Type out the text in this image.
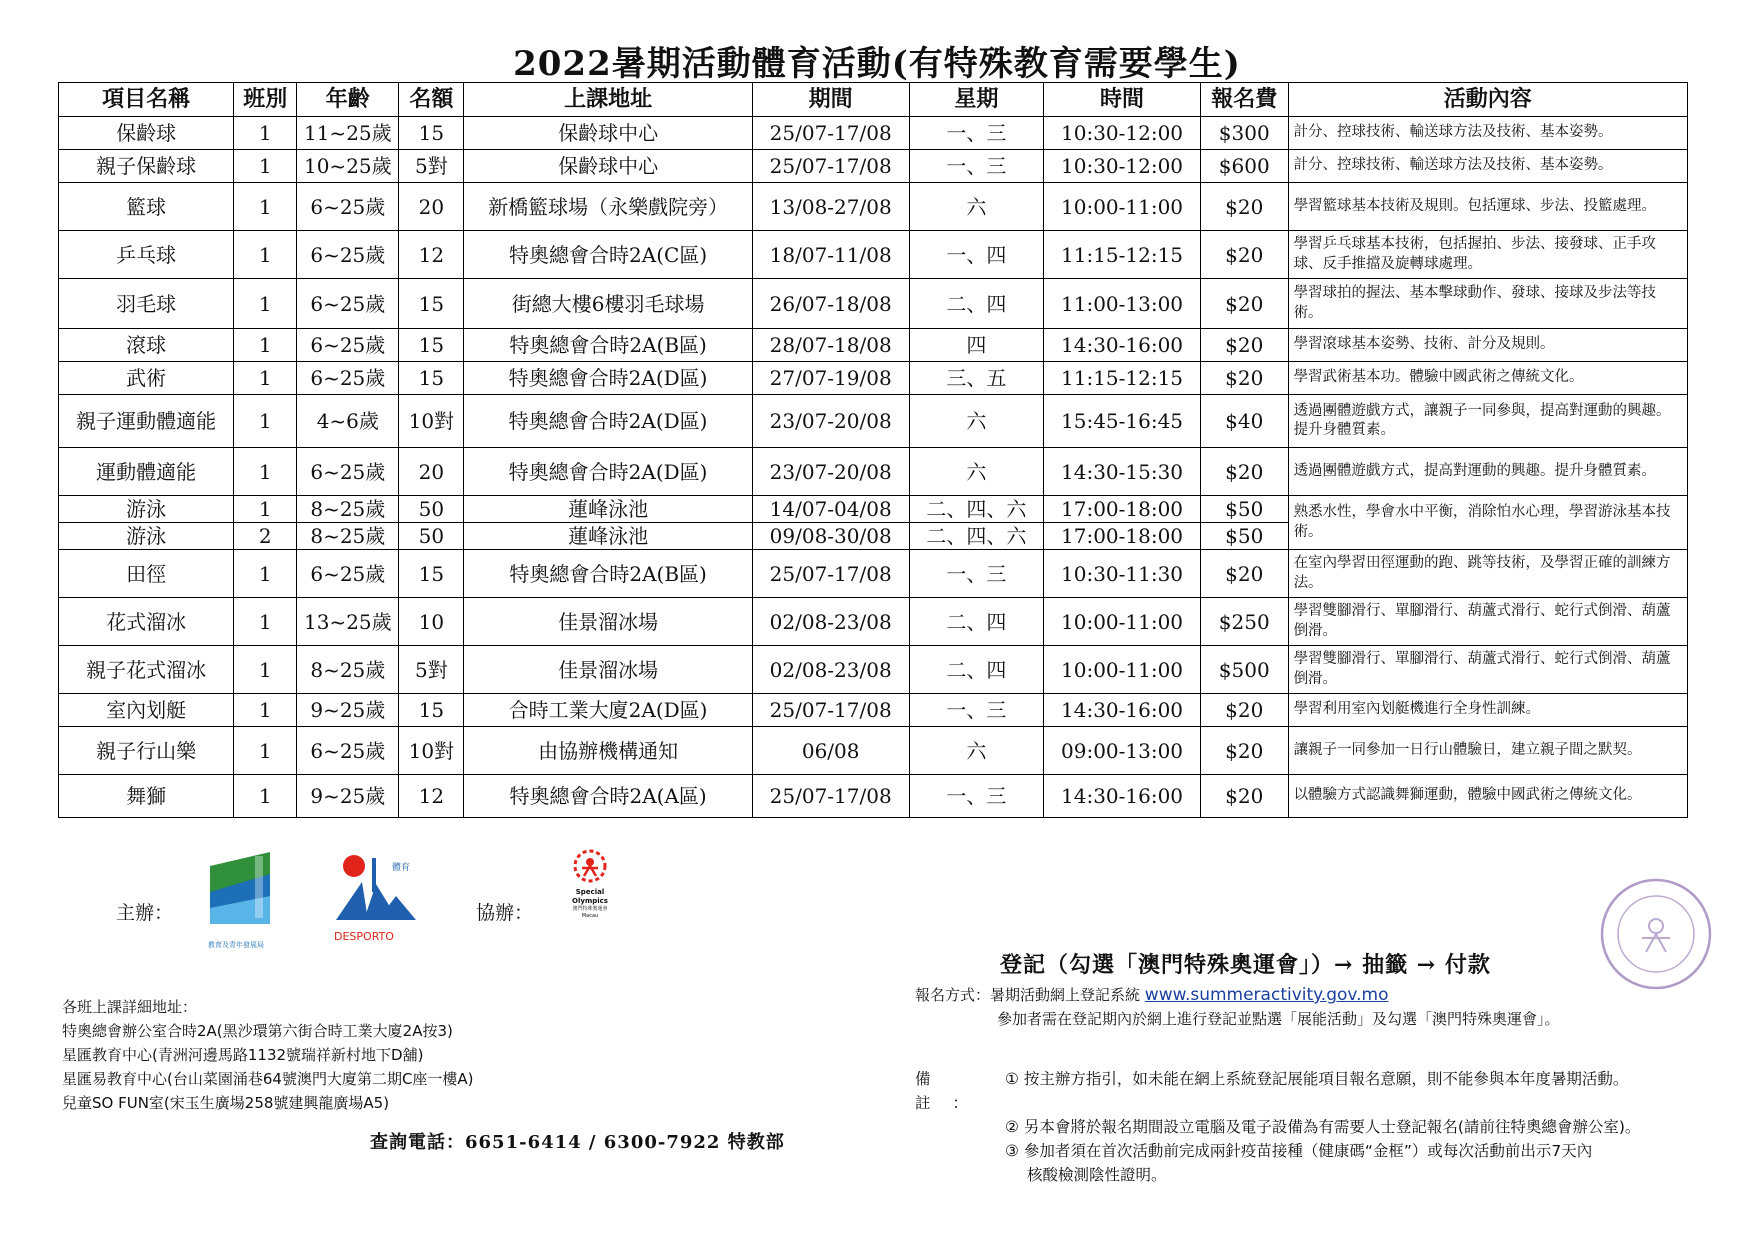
2022暑期活動體育活動(有特殊教育需要學生)
項目名稱	班別	年齡	名額	上課地址	期間	星期	時間	報名費	活動內容
保齡球	1	11~25歲	15	保齡球中心	25/07-17/08	一、三	10:30-12:00	$300	計分、控球技術、輸送球方法及技術、基本姿勢。
親子保齡球	1	10~25歲	5對	保齡球中心	25/07-17/08	一、三	10:30-12:00	$600	計分、控球技術、輸送球方法及技術、基本姿勢。
籃球	1	6~25歲	20	新橋籃球場（永樂戲院旁）	13/08-27/08	六	10:00-11:00	$20	學習籃球基本技術及規則。包括運球、步法、投籃處理。
乒乓球	1	6~25歲	12	特奧總會合時2A(C區)	18/07-11/08	一、四	11:15-12:15	$20	學習乒乓球基本技術，包括握拍、步法、接發球、正手攻球、反手推擋及旋轉球處理。
羽毛球	1	6~25歲	15	街總大樓6樓羽毛球場	26/07-18/08	二、四	11:00-13:00	$20	學習球拍的握法、基本擊球動作、發球、接球及步法等技術。
滾球	1	6~25歲	15	特奧總會合時2A(B區)	28/07-18/08	四	14:30-16:00	$20	學習滾球基本姿勢、技術、計分及規則。
武術	1	6~25歲	15	特奧總會合時2A(D區)	27/07-19/08	三、五	11:15-12:15	$20	學習武術基本功。體驗中國武術之傳統文化。
親子運動體適能	1	4~6歲	10對	特奧總會合時2A(D區)	23/07-20/08	六	15:45-16:45	$40	透過團體遊戲方式，讓親子一同參與，提高對運動的興趣。提升身體質素。
運動體適能	1	6~25歲	20	特奧總會合時2A(D區)	23/07-20/08	六	14:30-15:30	$20	透過團體遊戲方式，提高對運動的興趣。提升身體質素。
游泳	1	8~25歲	50	蓮峰泳池	14/07-04/08	二、四、六	17:00-18:00	$50	熟悉水性，學會水中平衡，消除怕水心理，學習游泳基本技術。
游泳	2	8~25歲	50	蓮峰泳池	09/08-30/08	二、四、六	17:00-18:00	$50	
田徑	1	6~25歲	15	特奧總會合時2A(B區)	25/07-17/08	一、三	10:30-11:30	$20	在室內學習田徑運動的跑、跳等技術，及學習正確的訓練方法。
花式溜冰	1	13~25歲	10	佳景溜冰場	02/08-23/08	二、四	10:00-11:00	$250	學習雙腳滑行、單腳滑行、葫蘆式滑行、蛇行式倒滑、葫蘆倒滑。
親子花式溜冰	1	8~25歲	5對	佳景溜冰場	02/08-23/08	二、四	10:00-11:00	$500	學習雙腳滑行、單腳滑行、葫蘆式滑行、蛇行式倒滑、葫蘆倒滑。
室內划艇	1	9~25歲	15	合時工業大廈2A(D區)	25/07-17/08	一、三	14:30-16:00	$20	學習利用室內划艇機進行全身性訓練。
親子行山樂	1	6~25歲	10對	由協辦機構通知	06/08	六	09:00-13:00	$20	讓親子一同參加一日行山體驗日，建立親子間之默契。
舞獅	1	9~25歲	12	特奧總會合時2A(A區)	25/07-17/08	一、三	14:30-16:00	$20	以體驗方式認識舞獅運動，體驗中國武術之傳統文化。
主辦：
教育及青年發展局
體育
DESPORTO
協辦：
Special
Olympics
澳門特殊奧運會
Macau
登記（勾選「澳門特殊奧運會」）→ 抽籤 → 付款
報名方式：暑期活動網上登記系統 www.summeractivity.gov.mo
參加者需在登記期內於網上進行登記並點選「展能活動」及勾選「澳門特殊奧運會」。
備註：
① 按主辦方指引，如未能在網上系統登記展能項目報名意願，則不能參與本年度暑期活動。
② 另本會將於報名期間設立電腦及電子設備為有需要人士登記報名(請前往特奧總會辦公室)。
③ 參加者須在首次活動前完成兩針疫苗接種（健康碼“金框”）或每次活動前出示7天內
核酸檢測陰性證明。
各班上課詳細地址：
特奧總會辦公室合時2A(黑沙環第六街合時工業大廈2A按3)
星匯教育中心(青洲河邊馬路1132號瑞祥新村地下D舖)
星匯易教育中心(台山菜園涌巷64號澳門大廈第二期C座一樓A)
兒童SO FUN室(宋玉生廣場258號建興龍廣場A5)
查詢電話：6651-6414 / 6300-7922 特教部
